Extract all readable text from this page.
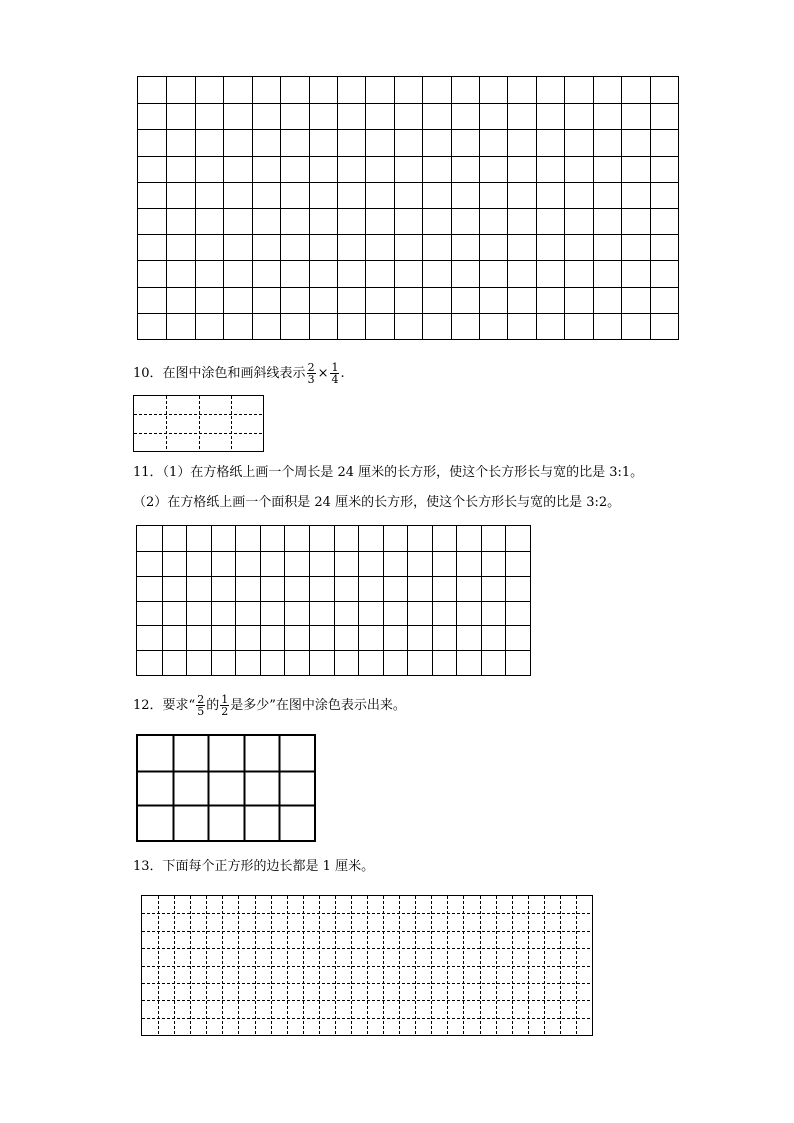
10．在图中涂色和画斜线表示 $\frac{2}{3} \times \frac{1}{4}$ .
11．（1）在方格纸上画一个周长是 24 厘米的长方形，使这个长方形长与宽的比是 3:1。
（2）在方格纸上画一个面积是 24 厘米的长方形，使这个长方形长与宽的比是 3:2。
12．要求“ $\frac{2}{5}$ 的 $\frac{1}{2}$ 是多少”在图中涂色表示出来。
13．下面每个正方形的边长都是 1 厘米。
